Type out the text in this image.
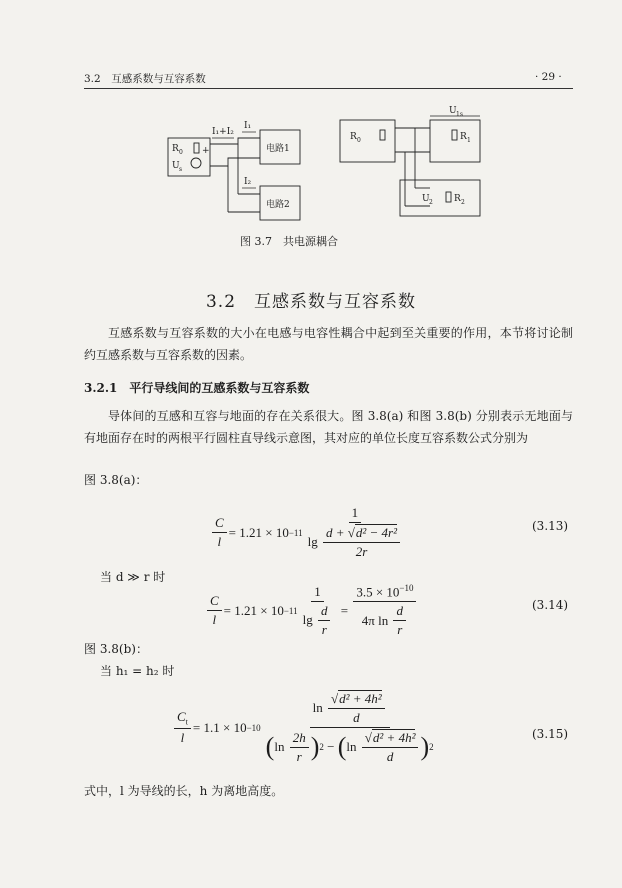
3.2　互感系数与互容系数	· 29 ·
R 0
U s
+
I₁+I₂
I₁
I₂
电路1
电路2
R 0
U 1s
R 1
U 2 R 2
图 3.7　共电源耦合
3.2　互感系数与互容系数
互感系数与互容系数的大小在电感与电容性耦合中起到至关重要的作用，本节将讨论制约互感系数与互容系数的因素。
3.2.1　平行导线间的互感系数与互容系数
导体间的互感和互容与地面的存在关系很大。图 3.8(a) 和图 3.8(b) 分别表示无地面与有地面存在时的两根平行圆柱直导线示意图，其对应的单位长度互容系数公式分别为
图 3.8(a)：
$\frac{C}{l} = 1.21 \times 10 -11$ 1
lg
$\frac{\text{d + √ d² − 4r²}}{2r}$	(3.13)
当 d ≫ r 时
$\frac{C}{l} = 1.21 \times 10 -11$ 1
lg
$\frac{d}{r}$
=
$3.5 \times 10^{-10}$
4π ln
$\frac{d}{r}$	(3.14)
图 3.8(b)：
当 h₁ = h₂ 时
$\frac{C_t}{l} = 1.1 \times 10 -10$ ln
$\frac{\text{√ d² + 4h²}}{d}$
( ln
$\frac{2h}{r}$ ) 2
−
( ln
$\frac{\text{√ d² + 4h²}}{d}$ ) 2	(3.15)
式中，l 为导线的长，h 为离地高度。
